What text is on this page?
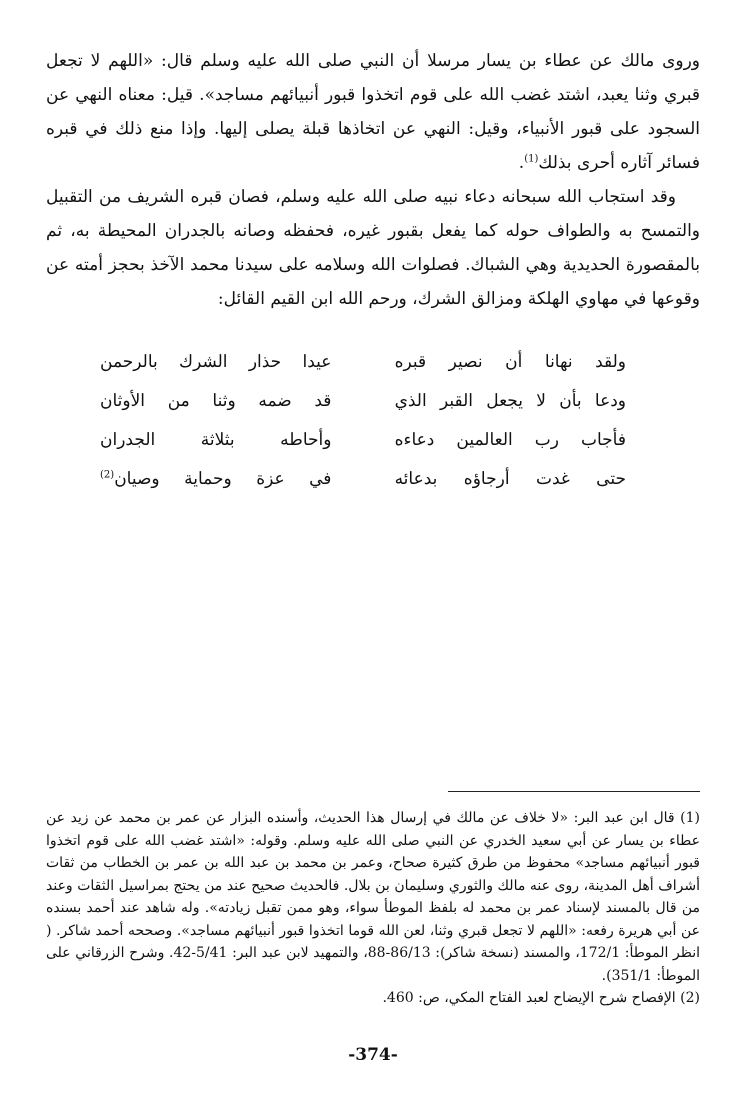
وروى مالك عن عطاء بن يسار مرسلا أن النبي صلى الله عليه وسلم قال: «اللهم لا تجعل قبري وثنا يعبد، اشتد غضب الله على قوم اتخذوا قبور أنبيائهم مساجد». قيل: معناه النهي عن السجود على قبور الأنبياء، وقيل: النهي عن اتخاذها قبلة يصلى إليها. وإذا منع ذلك في قبره فسائر آثاره أحرى بذلك$^{(1)}$.

وقد استجاب الله سبحانه دعاء نبيه صلى الله عليه وسلم، فصان قبره الشريف من التقبيل والتمسح به والطواف حوله كما يفعل بقبور غيره، فحفظه وصانه بالجدران المحيطة به، ثم بالمقصورة الحديدية وهي الشباك. فصلوات الله وسلامه على سيدنا محمد الآخذ بحجز أمته عن وقوعها في مهاوي الهلكة ومزالق الشرك، ورحم الله ابن القيم القائل:

ولقد نهانا أن نصير قبره
عيدا حذار الشرك بالرحمن
ودعا بأن لا يجعل القبر الذي
قد ضمه وثنا من الأوثان
فأجاب رب العالمين دعاءه
وأحاطه بثلاثة الجدران
حتى غدت أرجاؤه بدعائه
في عزة وحماية وصيان$^{(2)}$

(1) قال ابن عبد البر: «لا خلاف عن مالك في إرسال هذا الحديث، وأسنده البزار عن عمر بن محمد عن زيد عن عطاء بن يسار عن أبي سعيد الخدري عن النبي صلى الله عليه وسلم. وقوله: «اشتد غضب الله على قوم اتخذوا قبور أنبيائهم مساجد» محفوظ من طرق كثيرة صحاح، وعمر بن محمد بن عبد الله بن عمر بن الخطاب من ثقات أشراف أهل المدينة، روى عنه مالك والثوري وسليمان بن بلال. فالحديث صحيح عند من يحتج بمراسيل الثقات وعند من قال بالمسند لإسناد عمر بن محمد له بلفظ الموطأ سواء، وهو ممن تقبل زيادته». وله شاهد عند أحمد بسنده عن أبي هريرة رفعه: «اللهم لا تجعل قبري وثنا، لعن الله قوما اتخذوا قبور أنبيائهم مساجد». وصححه أحمد شاكر. ( انظر الموطأ: 172/1، والمسند (نسخة شاكر): 86/13-88، والتمهيد لابن عبد البر: 5/41-42. وشرح الزرقاني على الموطأ: 351/1).

(2) الإفصاح شرح الإيضاح لعبد الفتاح المكي، ص: 460.

-374-
